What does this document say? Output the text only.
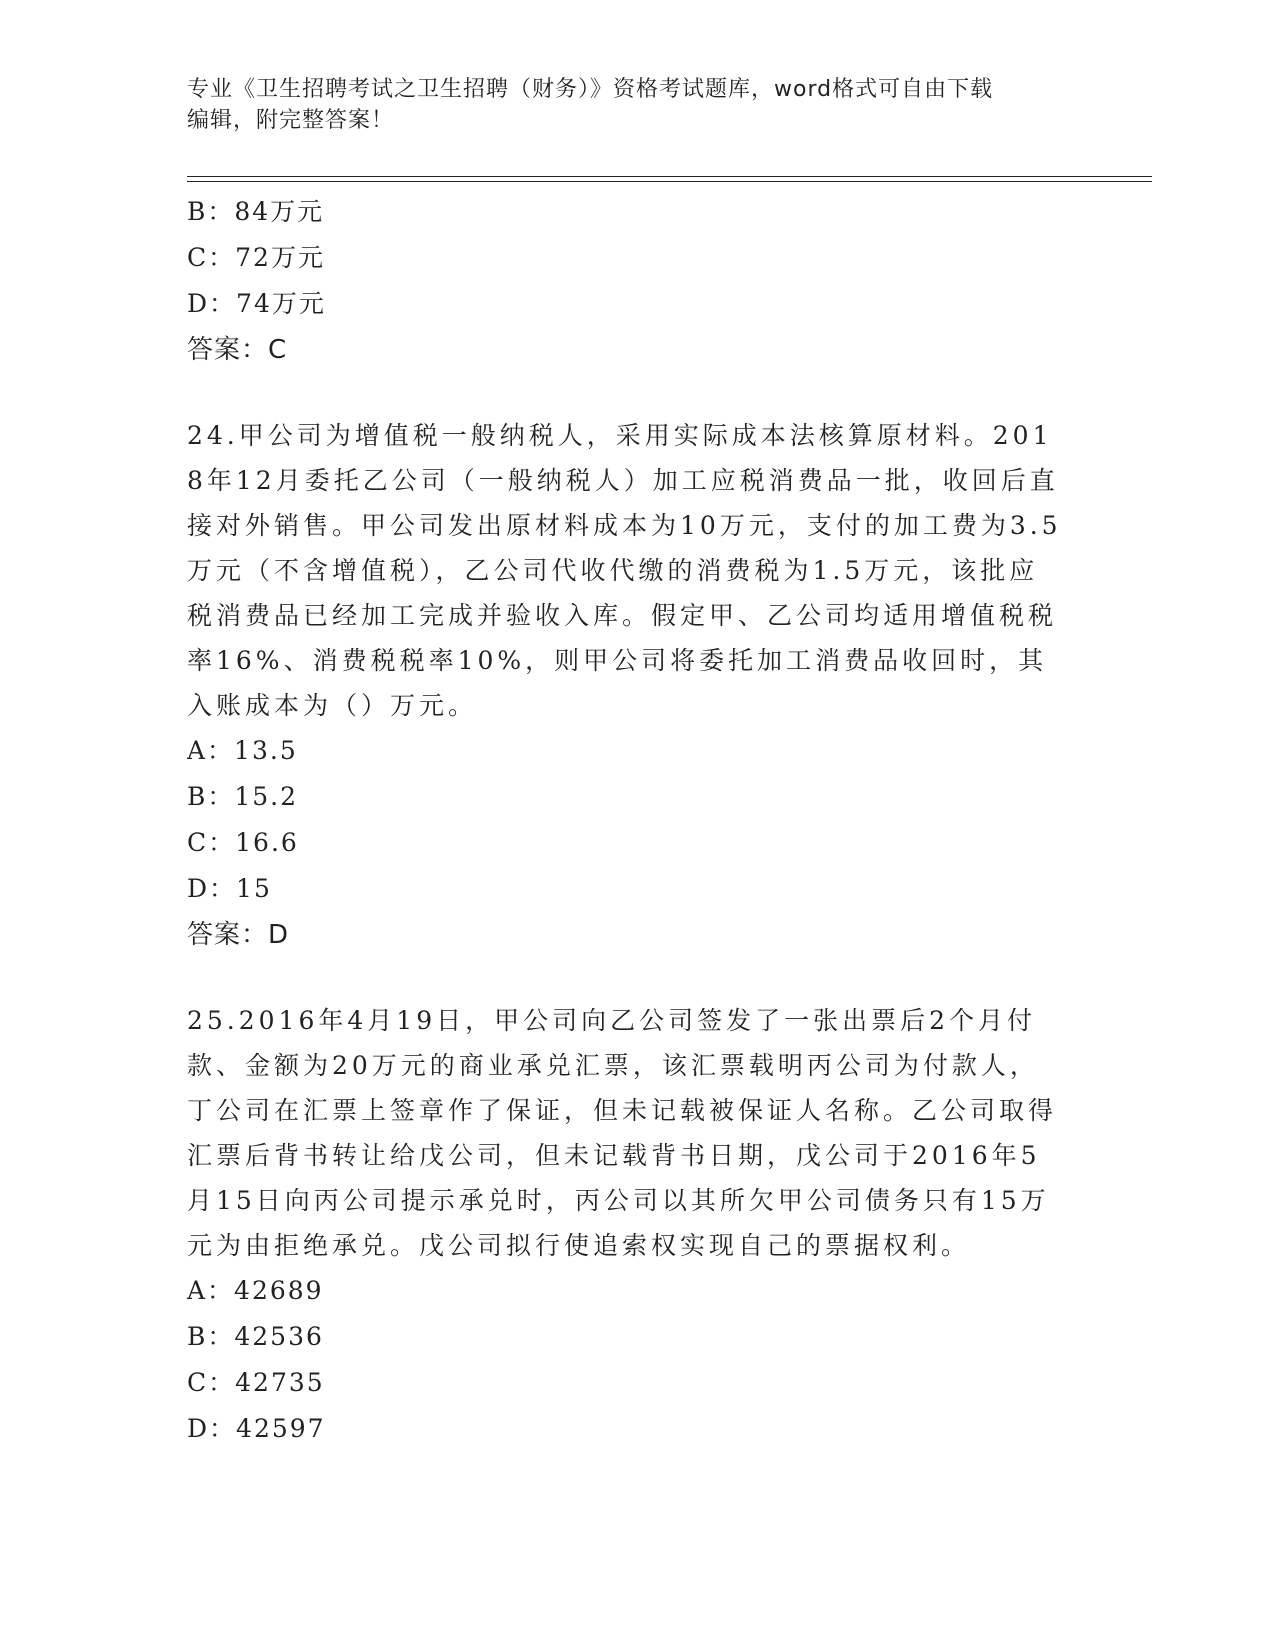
专业《卫生招聘考试之卫生招聘（财务）》资格考试题库，word格式可自由下载
编辑，附完整答案！
B：84万元
C：72万元
D：74万元
答案：C
24.甲公司为增值税一般纳税人，采用实际成本法核算原材料。2018年12月委托乙公司（一般纳税人）加工应税消费品一批，收回后直接对外销售。甲公司发出原材料成本为10万元，支付的加工费为3.5万元（不含增值税），乙公司代收代缴的消费税为1.5万元，该批应税消费品已经加工完成并验收入库。假定甲、乙公司均适用增值税税率16%、消费税税率10%，则甲公司将委托加工消费品收回时，其入账成本为（）万元。
A：13.5
B：15.2
C：16.6
D：15
答案：D
25.2016年4月19日，甲公司向乙公司签发了一张出票后2个月付款、金额为20万元的商业承兑汇票，该汇票载明丙公司为付款人，丁公司在汇票上签章作了保证，但未记载被保证人名称。乙公司取得汇票后背书转让给戊公司，但未记载背书日期，戊公司于2016年5月15日向丙公司提示承兑时，丙公司以其所欠甲公司债务只有15万元为由拒绝承兑。戊公司拟行使追索权实现自己的票据权利。
A：42689
B：42536
C：42735
D：42597
